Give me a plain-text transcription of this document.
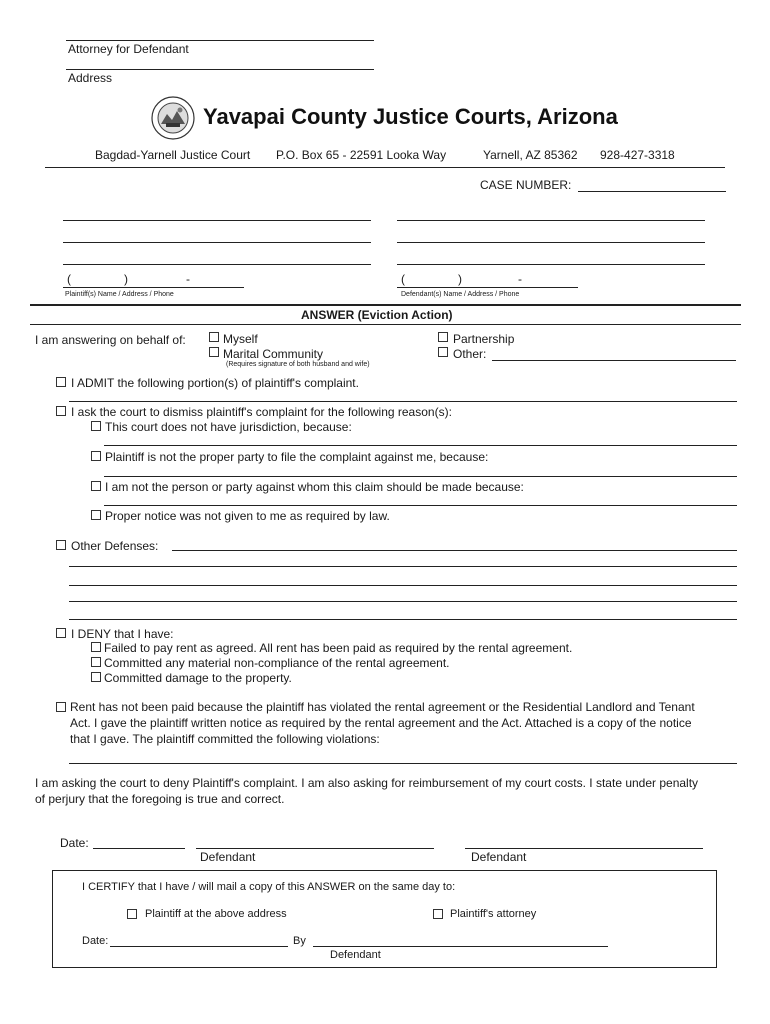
Attorney for Defendant
Address
Yavapai County Justice Courts, Arizona
Bagdad-Yarnell Justice Court P.O. Box 65 - 22591 Looka Way	Yarnell, AZ 85362 928-427-3318
CASE NUMBER:
(	)	-
Plaintiff(s) Name / Address / Phone
(	)	-
Defendant(s) Name / Address / Phone
ANSWER (Eviction Action)
I am answering on behalf of:	Myself
Marital Community
(Requires signature of both husband and wife)
Partnership
Other:
I ADMIT the following portion(s) of plaintiff's complaint.
I ask the court to dismiss plaintiff's complaint for the following reason(s):
This court does not have jurisdiction, because:
Plaintiff is not the proper party to file the complaint against me, because:
I am not the person or party against whom this claim should be made because:
Proper notice was not given to me as required by law.
Other Defenses:
I DENY that I have:
Failed to pay rent as agreed. All rent has been paid as required by the rental agreement.
Committed any material non-compliance of the rental agreement.
Committed damage to the property.
Rent has not been paid because the plaintiff has violated the rental agreement or the Residential Landlord and Tenant
Act. I gave the plaintiff written notice as required by the rental agreement and the Act. Attached is a copy of the notice
that I gave. The plaintiff committed the following violations:
I am asking the court to deny Plaintiff's complaint. I am also asking for reimbursement of my court costs. I state under penalty
of perjury that the foregoing is true and correct.
Date:
Defendant	Defendant
I CERTIFY that I have / will mail a copy of this ANSWER on the same day to:
Plaintiff at the above address	Plaintiff's attorney
Date:	By
Defendant
